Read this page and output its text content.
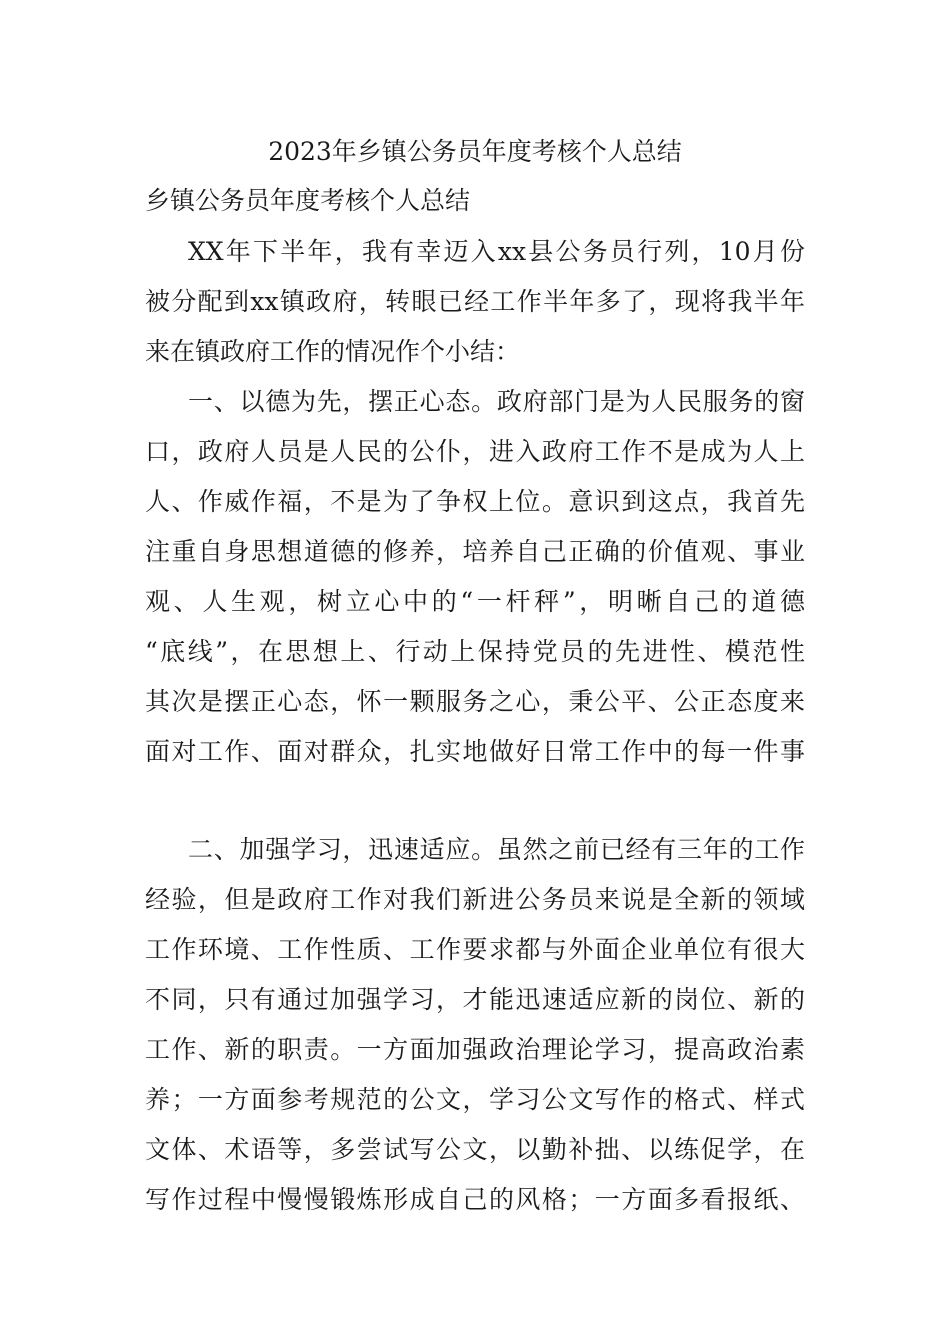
2023年乡镇公务员年度考核个人总结
乡镇公务员年度考核个人总结
XX年下半年，我有幸迈入xx县公务员行列，10月份
被分配到xx镇政府，转眼已经工作半年多了，现将我半年
来在镇政府工作的情况作个小结：
一、以德为先，摆正心态。政府部门是为人民服务的窗
口，政府人员是人民的公仆，进入政府工作不是成为人上
人、作威作福，不是为了争权上位。意识到这点，我首先
注重自身思想道德的修养，培养自己正确的价值观、事业
观、人生观，树立心中的“一杆秤”，明晰自己的道德
“底线”，在思想上、行动上保持党员的先进性、模范性
其次是摆正心态，怀一颗服务之心，秉公平、公正态度来
面对工作、面对群众，扎实地做好日常工作中的每一件事
二、加强学习，迅速适应。虽然之前已经有三年的工作
经验，但是政府工作对我们新进公务员来说是全新的领域
工作环境、工作性质、工作要求都与外面企业单位有很大
不同，只有通过加强学习，才能迅速适应新的岗位、新的
工作、新的职责。一方面加强政治理论学习，提高政治素
养；一方面参考规范的公文，学习公文写作的格式、样式
文体、术语等，多尝试写公文，以勤补拙、以练促学，在
写作过程中慢慢锻炼形成自己的风格；一方面多看报纸、
